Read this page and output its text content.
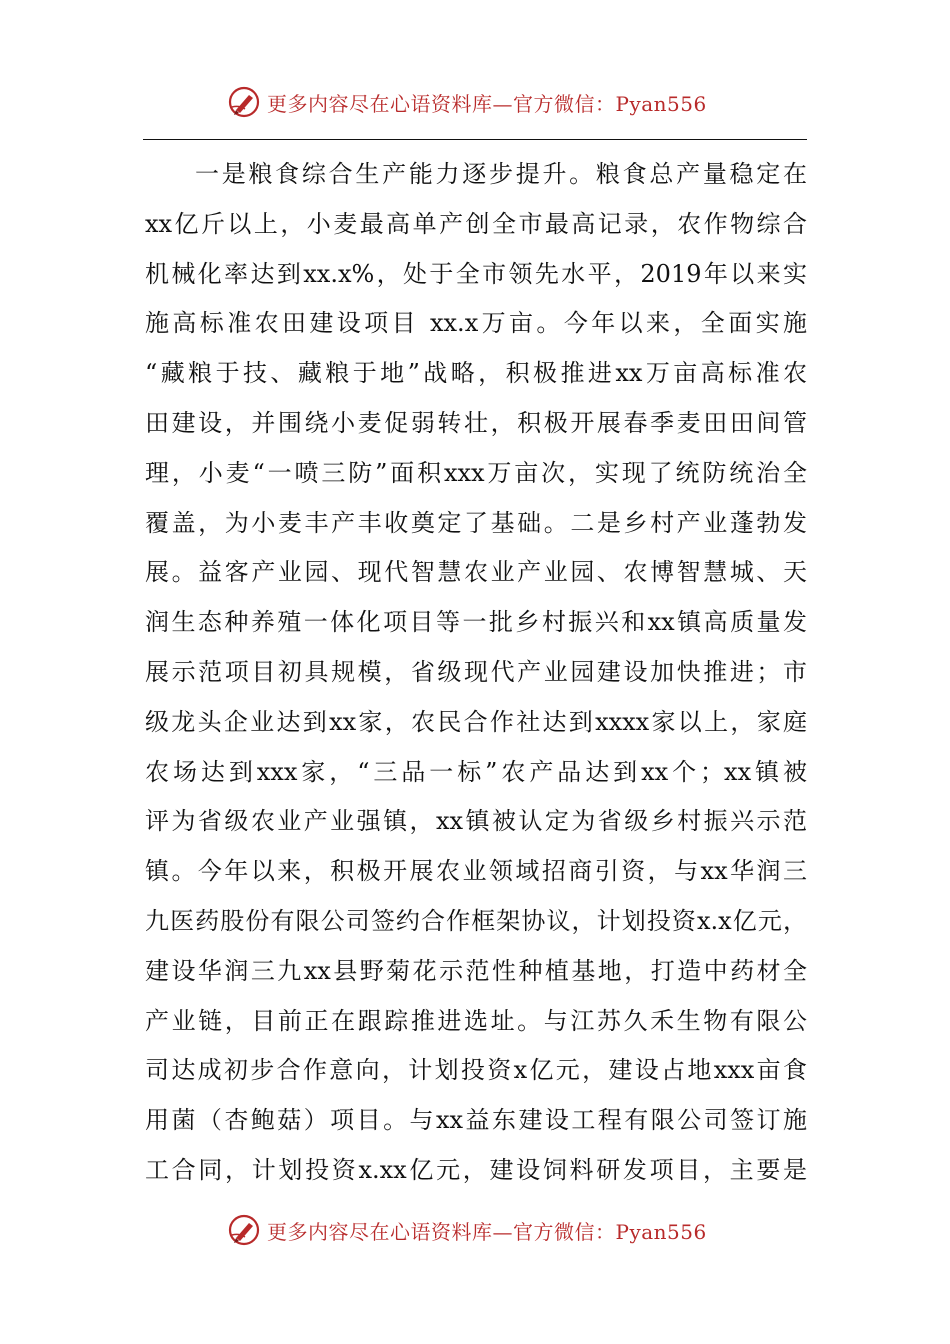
更多内容尽在心语资料库—官方微信：Pyan556
一是粮食综合生产能力逐步提升。粮食总产量稳定在
xx亿斤以上，小麦最高单产创全市最高记录，农作物综合
机械化率达到xx.x%，处于全市领先水平，2019年以来实
施高标准农田建设项目 xx.x万亩。今年以来，全面实施
“藏粮于技、藏粮于地”战略，积极推进xx万亩高标准农
田建设，并围绕小麦促弱转壮，积极开展春季麦田田间管
理，小麦“一喷三防”面积xxx万亩次，实现了统防统治全
覆盖，为小麦丰产丰收奠定了基础。二是乡村产业蓬勃发
展。益客产业园、现代智慧农业产业园、农博智慧城、天
润生态种养殖一体化项目等一批乡村振兴和xx镇高质量发
展示范项目初具规模，省级现代产业园建设加快推进；市
级龙头企业达到xx家，农民合作社达到xxxx家以上，家庭
农场达到xxx家，“三品一标”农产品达到xx个；xx镇被
评为省级农业产业强镇，xx镇被认定为省级乡村振兴示范
镇。今年以来，积极开展农业领域招商引资，与xx华润三
九医药股份有限公司签约合作框架协议，计划投资x.x亿元，
建设华润三九xx县野菊花示范性种植基地，打造中药材全
产业链，目前正在跟踪推进选址。与江苏久禾生物有限公
司达成初步合作意向，计划投资x亿元，建设占地xxx亩食
用菌（杏鲍菇）项目。与xx益东建设工程有限公司签订施
工合同，计划投资x.xx亿元，建设饲料研发项目，主要是
更多内容尽在心语资料库—官方微信：Pyan556
